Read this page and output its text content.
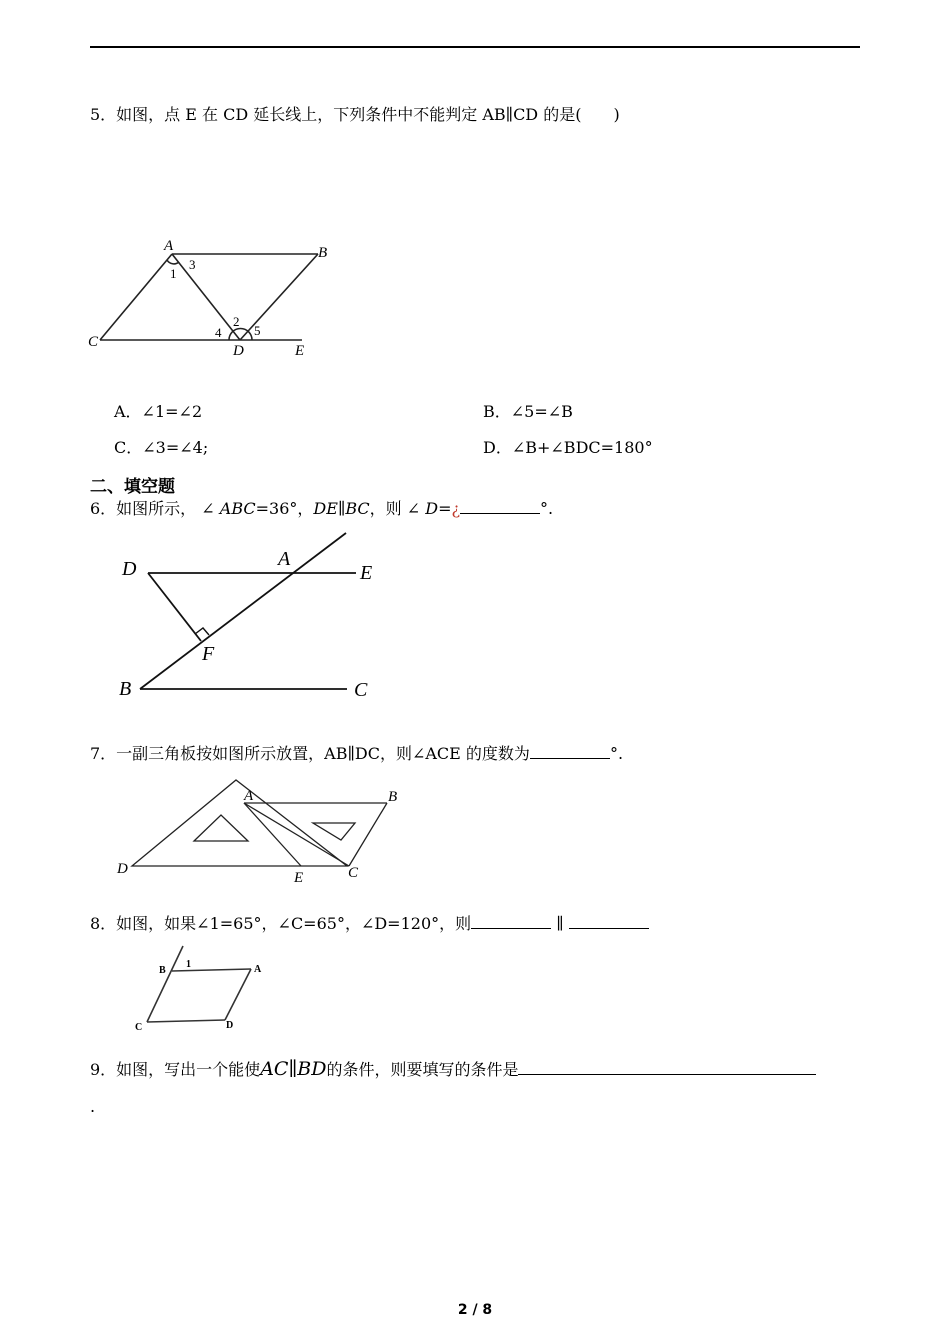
5．如图，点 E 在 CD 延长线上，下列条件中不能判定 AB∥CD 的是(　　)
A	B
C
D	E
1
2
3
4	5
A．∠1=∠2	B．∠5=∠B
C．∠3=∠4;	D．∠B+∠BDC=180°
二、填空题
6．如图所示， ∠ ABC=36°，DE∥BC，则 ∠ D=¿	°.
D	A
E
F
B	C
7．一副三角板按如图所示放置，AB∥DC，则∠ACE 的度数为	°.
A	B
C
D
E
8．如图，如果∠1=65°，∠C=65°，∠D=120°，则	∥
B
1	A
C	D
9．如图，写出一个能使AC∥BD的条件，则要填写的条件是
.
2 / 8
